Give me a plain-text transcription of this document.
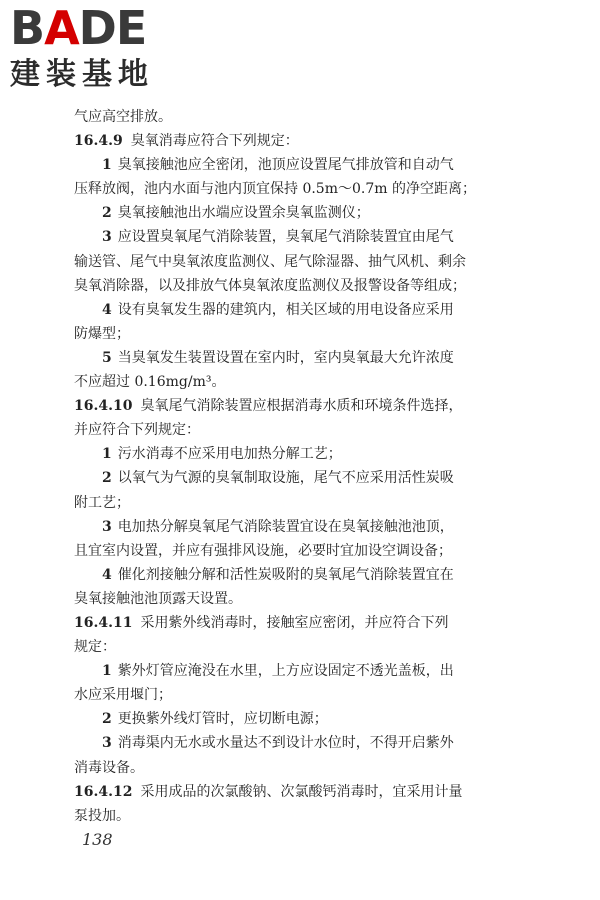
BADE
建装基地
气应高空排放。
16.4.9 臭氧消毒应符合下列规定：
1 臭氧接触池应全密闭，池顶应设置尾气排放管和自动气
压释放阀，池内水面与池内顶宜保持 0.5m～0.7m 的净空距离；
2 臭氧接触池出水端应设置余臭氧监测仪；
3 应设置臭氧尾气消除装置，臭氧尾气消除装置宜由尾气
输送管、尾气中臭氧浓度监测仪、尾气除湿器、抽气风机、剩余
臭氧消除器，以及排放气体臭氧浓度监测仪及报警设备等组成；
4 设有臭氧发生器的建筑内，相关区域的用电设备应采用
防爆型；
5 当臭氧发生装置设置在室内时，室内臭氧最大允许浓度
不应超过 0.16mg/m³。
16.4.10 臭氧尾气消除装置应根据消毒水质和环境条件选择，
并应符合下列规定：
1 污水消毒不应采用电加热分解工艺；
2 以氧气为气源的臭氧制取设施，尾气不应采用活性炭吸
附工艺；
3 电加热分解臭氧尾气消除装置宜设在臭氧接触池池顶，
且宜室内设置，并应有强排风设施，必要时宜加设空调设备；
4 催化剂接触分解和活性炭吸附的臭氧尾气消除装置宜在
臭氧接触池池顶露天设置。
16.4.11 采用紫外线消毒时，接触室应密闭，并应符合下列
规定：
1 紫外灯管应淹没在水里，上方应设固定不透光盖板，出
水应采用堰门；
2 更换紫外线灯管时，应切断电源；
3 消毒渠内无水或水量达不到设计水位时，不得开启紫外
消毒设备。
16.4.12 采用成品的次氯酸钠、次氯酸钙消毒时，宜采用计量
泵投加。
138
